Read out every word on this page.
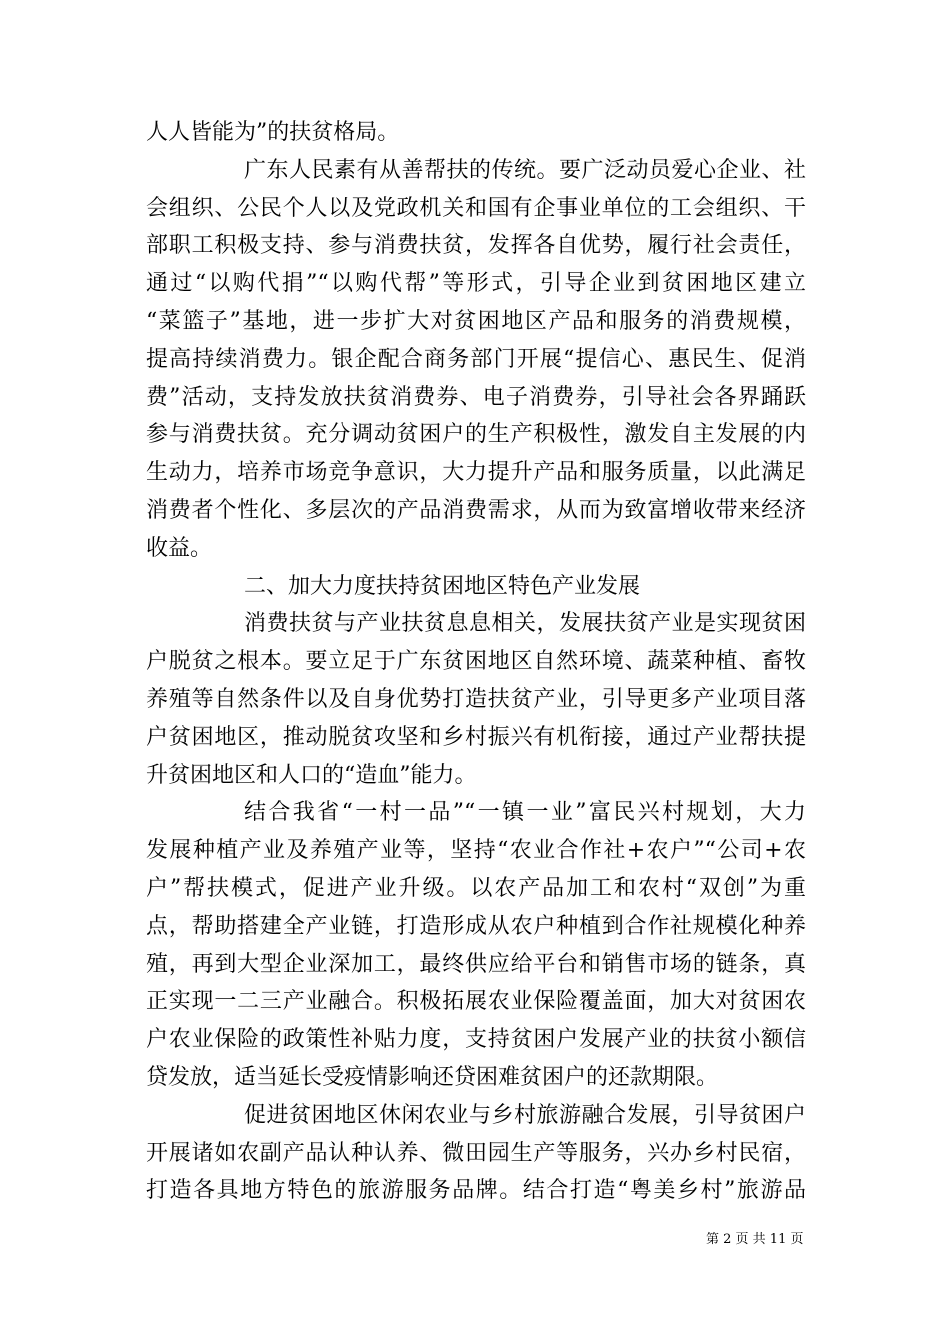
人人皆能为”的扶贫格局。
广东人民素有从善帮扶的传统。要广泛动员爱心企业、社
会组织、公民个人以及党政机关和国有企事业单位的工会组织、干
部职工积极支持、参与消费扶贫，发挥各自优势，履行社会责任，
通过“以购代捐”“以购代帮”等形式，引导企业到贫困地区建立
“菜篮子”基地，进一步扩大对贫困地区产品和服务的消费规模，
提高持续消费力。银企配合商务部门开展“提信心、惠民生、促消
费”活动，支持发放扶贫消费券、电子消费券，引导社会各界踊跃
参与消费扶贫。充分调动贫困户的生产积极性，激发自主发展的内
生动力，培养市场竞争意识，大力提升产品和服务质量，以此满足
消费者个性化、多层次的产品消费需求，从而为致富增收带来经济
收益。
二、加大力度扶持贫困地区特色产业发展
消费扶贫与产业扶贫息息相关，发展扶贫产业是实现贫困
户脱贫之根本。要立足于广东贫困地区自然环境、蔬菜种植、畜牧
养殖等自然条件以及自身优势打造扶贫产业，引导更多产业项目落
户贫困地区，推动脱贫攻坚和乡村振兴有机衔接，通过产业帮扶提
升贫困地区和人口的“造血”能力。
结合我省“一村一品”“一镇一业”富民兴村规划，大力
发展种植产业及养殖产业等，坚持“农业合作社+农户”“公司+农
户”帮扶模式，促进产业升级。以农产品加工和农村“双创”为重
点，帮助搭建全产业链，打造形成从农户种植到合作社规模化种养
殖，再到大型企业深加工，最终供应给平台和销售市场的链条，真
正实现一二三产业融合。积极拓展农业保险覆盖面，加大对贫困农
户农业保险的政策性补贴力度，支持贫困户发展产业的扶贫小额信
贷发放，适当延长受疫情影响还贷困难贫困户的还款期限。
促进贫困地区休闲农业与乡村旅游融合发展，引导贫困户
开展诸如农副产品认种认养、微田园生产等服务，兴办乡村民宿，
打造各具地方特色的旅游服务品牌。结合打造“粤美乡村”旅游品
第 2 页 共 11 页
